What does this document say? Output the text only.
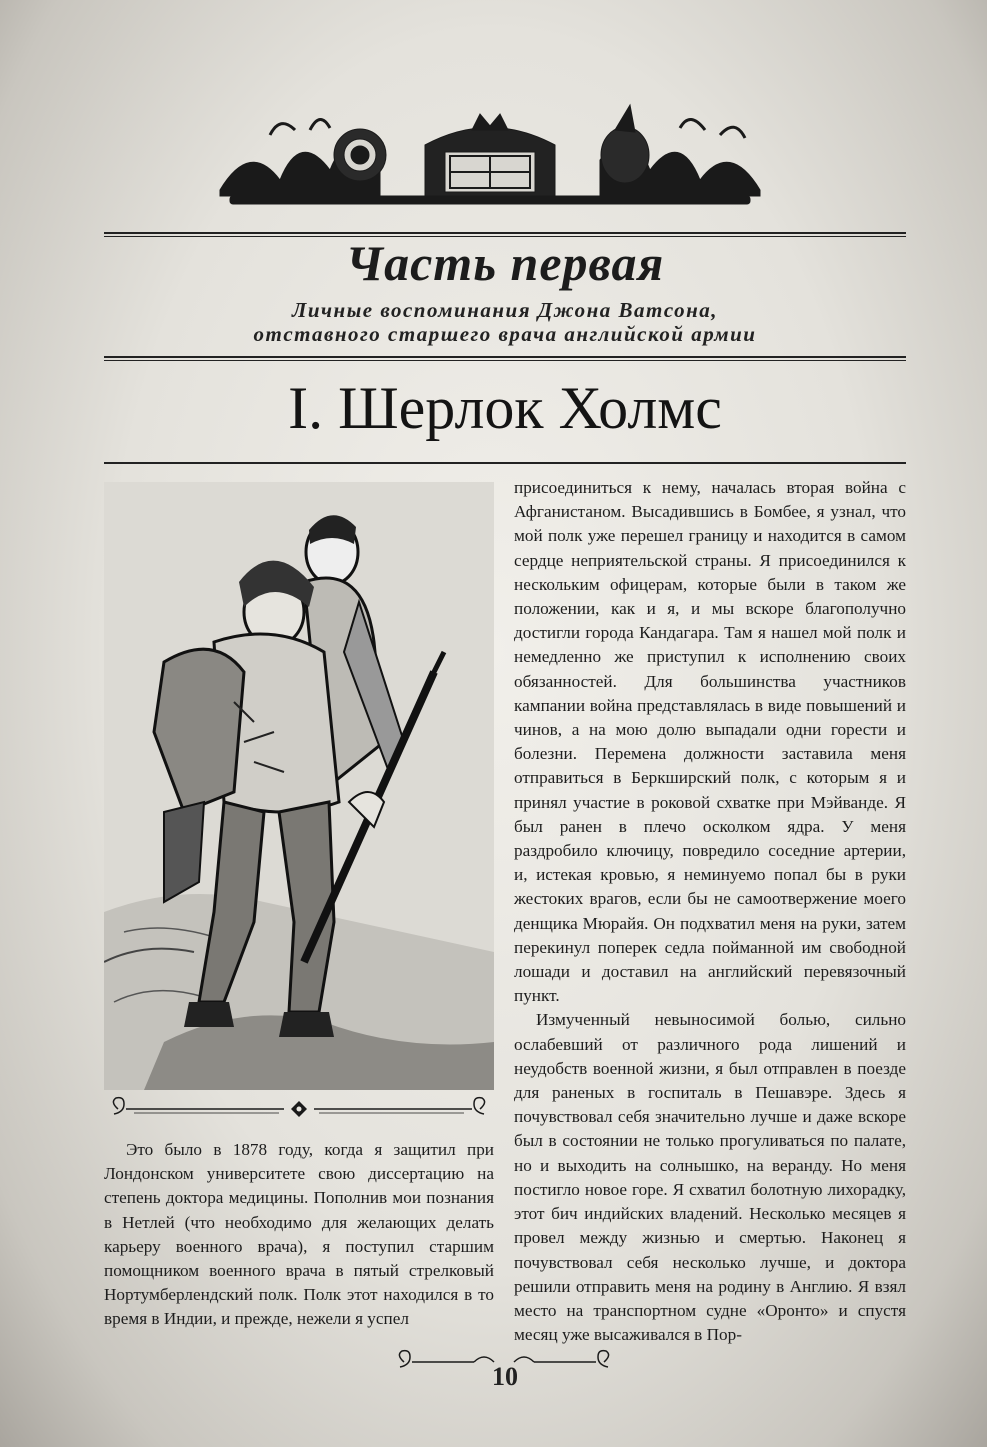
Часть первая

Личные воспоминания Джона Ватсона,

отставного старшего врача английской армии

I. Шерлок Холмс

присоединиться к нему, началась вторая война с Афганистаном. Высадившись в Бомбее, я узнал, что мой полк уже перешел границу и находится в самом сердце неприятельской страны. Я присоединился к нескольким офицерам, которые были в таком же положении, как и я, и мы вскоре благополучно достигли города Кандагара. Там я нашел мой полк и немедленно же приступил к исполнению своих обязанностей. Для большинства участников кампании война представлялась в виде повышений и чинов, а на мою долю выпадали одни горести и болезни. Перемена должности заставила меня отправиться в Беркширский полк, с которым я и принял участие в роковой схватке при Мэйванде. Я был ранен в плечо осколком ядра. У меня раздробило ключицу, повредило соседние артерии, и, истекая кровью, я неминуемо попал бы в руки жестоких врагов, если бы не самоотвержение моего денщика Мюрайя. Он подхватил меня на руки, затем перекинул поперек седла пойманной им свободной лошади и доставил на английский перевязочный пункт.

Измученный невыносимой болью, сильно ослабевший от различного рода лишений и неудобств военной жизни, я был отправлен в поезде для раненых в госпиталь в Пешавэре. Здесь я почувствовал себя значительно лучше и даже вскоре был в состоянии не только прогуливаться по палате, но и выходить на солнышко, на веранду. Но меня постигло новое горе. Я схватил болотную лихорадку, этот бич индийских владений. Несколько месяцев я провел между жизнью и смертью. Наконец я почувствовал себя несколько лучше, и доктора решили отправить меня на родину в Англию. Я взял место на транспортном судне «Оронто» и спустя месяц уже высаживался в Пор-

Это было в 1878 году, когда я защитил при Лондонском университете свою диссертацию на степень доктора медицины. Пополнив мои познания в Нетлей (что необходимо для желающих делать карьеру военного врача), я поступил старшим помощником военного врача в пятый стрелковый Нортумберлендский полк. Полк этот находился в то время в Индии, и прежде, нежели я успел

10
